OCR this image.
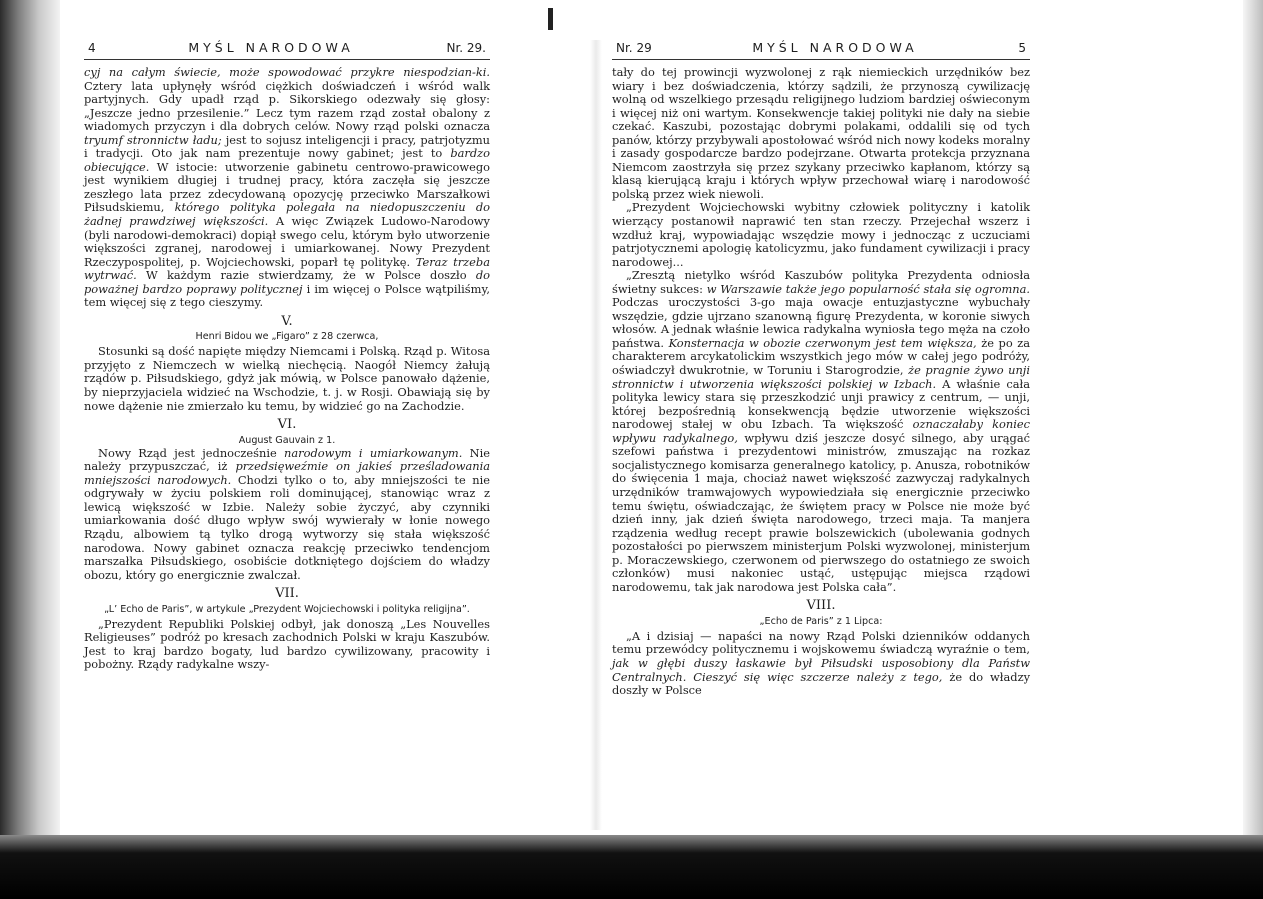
4	MYŚL NARODOWA	Nr. 29.

cyj na całym świecie, może spowodować przykre niespodzian-ki. Cztery lata upłynęły wśród ciężkich doświadczeń i wśród walk partyjnych. Gdy upadł rząd p. Sikorskiego odezwały się głosy: „Jeszcze jedno przesilenie.” Lecz tym razem rząd został obalony z wiadomych przyczyn i dla dobrych celów. Nowy rząd polski oznacza tryumf stronnictw ładu; jest to sojusz inteligencji i pracy, patrjotyzmu i tradycji. Oto jak nam prezentuje nowy gabinet; jest to bardzo obiecujące. W istocie: utworzenie gabinetu centrowo-prawicowego jest wynikiem długiej i trudnej pracy, która zaczęła się jeszcze zeszłego lata przez zdecydowaną opozycję przeciwko Marszałkowi Piłsudskiemu, którego polityka polegała na niedopuszczeniu do żadnej prawdziwej większości. A więc Związek Ludowo-Narodowy (byli narodowi-demokraci) dopiął swego celu, którym było utworzenie większości zgranej, narodowej i umiarkowanej. Nowy Prezydent Rzeczypospolitej, p. Wojciechowski, poparł tę politykę. Teraz trzeba wytrwać. W każdym razie stwierdzamy, że w Polsce doszło do poważnej bardzo poprawy politycznej i im więcej o Polsce wątpiliśmy, tem więcej się z tego cieszymy.

V.
Henri Bidou we „Figaro” z 28 czerwca,

Stosunki są dość napięte między Niemcami i Polską. Rząd p. Witosa przyjęto z Niemczech w wielką niechęcią. Naogół Niemcy żałują rządów p. Piłsudskiego, gdyż jak mówią, w Polsce panowało dążenie, by nieprzyjaciela widzieć na Wschodzie, t. j. w Rosji. Obawiają się by nowe dążenie nie zmierzało ku temu, by widzieć go na Zachodzie.

VI.
August Gauvain z 1.

Nowy Rząd jest jednocześnie narodowym i umiarkowanym. Nie należy przypuszczać, iż przedsięweźmie on jakieś prześladowania mniejszości narodowych. Chodzi tylko o to, aby mniejszości te nie odgrywały w życiu polskiem roli dominującej, stanowiąc wraz z lewicą większość w Izbie. Należy sobie życzyć, aby czynniki umiarkowania dość długo wpływ swój wywierały w łonie nowego Rządu, albowiem tą tylko drogą wytworzy się stała większość narodowa. Nowy gabinet oznacza reakcję przeciwko tendencjom marszałka Piłsudskiego, osobiście dotkniętego dojściem do władzy obozu, który go energicznie zwalczał.

VII.
„L’ Echo de Paris”, w artykule „Prezydent Wojciechowski i polityka religijna”.

„Prezydent Republiki Polskiej odbył, jak donoszą „Les Nouvelles Religieuses” podróż po kresach zachodnich Polski w kraju Kaszubów. Jest to kraj bardzo bogaty, lud bardzo cywilizowany, pracowity i pobożny. Rządy radykalne wszy-

Nr. 29	MYŚL NARODOWA	5

tały do tej prowincji wyzwolonej z rąk niemieckich urzędników bez wiary i bez doświadczenia, którzy sądzili, że przynoszą cywilizację wolną od wszelkiego przesądu religijnego ludziom bardziej oświeconym i więcej niż oni wartym. Konsekwencje takiej polityki nie dały na siebie czekać. Kaszubi, pozostając dobrymi polakami, oddalili się od tych panów, którzy przybywali apostołować wśród nich nowy kodeks moralny i zasady gospodarcze bardzo podejrzane. Otwarta protekcja przyznana Niemcom zaostrzyła się przez szykany przeciwko kapłanom, którzy są klasą kierującą kraju i których wpływ przechował wiarę i narodowość polską przez wiek niewoli.

„Prezydent Wojciechowski wybitny człowiek polityczny i katolik wierzący postanowił naprawić ten stan rzeczy. Przejechał wszerz i wzdłuż kraj, wypowiadając wszędzie mowy i jednocząc z uczuciami patrjotycznemi apologię katolicyzmu, jako fundament cywilizacji i pracy narodowej...

„Zresztą nietylko wśród Kaszubów polityka Prezydenta odniosła świetny sukces: w Warszawie także jego popularność stała się ogromna. Podczas uroczystości 3-go maja owacje entuzjastyczne wybuchały wszędzie, gdzie ujrzano szanowną figurę Prezydenta, w koronie siwych włosów. A jednak właśnie lewica radykalna wyniosła tego męża na czoło państwa. Konsternacja w obozie czerwonym jest tem większa, że po za charakterem arcykatolickim wszystkich jego mów w całej jego podróży, oświadczył dwukrotnie, w Toruniu i Starogrodzie, że pragnie żywo unji stronnictw i utworzenia większości polskiej w Izbach. A właśnie cała polityka lewicy stara się przeszkodzić unji prawicy z centrum, — unji, której bezpośrednią konsekwencją będzie utworzenie większości narodowej stałej w obu Izbach. Ta większość oznaczałaby koniec wpływu radykalnego, wpływu dziś jeszcze dosyć silnego, aby urągać szefowi państwa i prezydentowi ministrów, zmuszając na rozkaz socjalistycznego komisarza generalnego katolicy, p. Anusza, robotników do święcenia 1 maja, chociaż nawet większość zazwyczaj radykalnych urzędników tramwajowych wypowiedziała się energicznie przeciwko temu świętu, oświadczając, że świętem pracy w Polsce nie może być dzień inny, jak dzień święta narodowego, trzeci maja. Ta manjera rządzenia według recept prawie bolszewickich (ubolewania godnych pozostałości po pierwszem ministerjum Polski wyzwolonej, ministerjum p. Moraczewskiego, czerwonem od pierwszego do ostatniego ze swoich członków) musi nakoniec ustąć, ustępując miejsca rządowi narodowemu, tak jak narodowa jest Polska cała”.

VIII.
„Echo de Paris” z 1 Lipca:

„A i dzisiaj — napaści na nowy Rząd Polski dzienników oddanych temu przewódcy politycznemu i wojskowemu świadczą wyraźnie o tem, jak w głębi duszy łaskawie był Piłsudski usposobiony dla Państw Centralnych. Cieszyć się więc szczerze należy z tego, że do władzy doszły w Polsce
